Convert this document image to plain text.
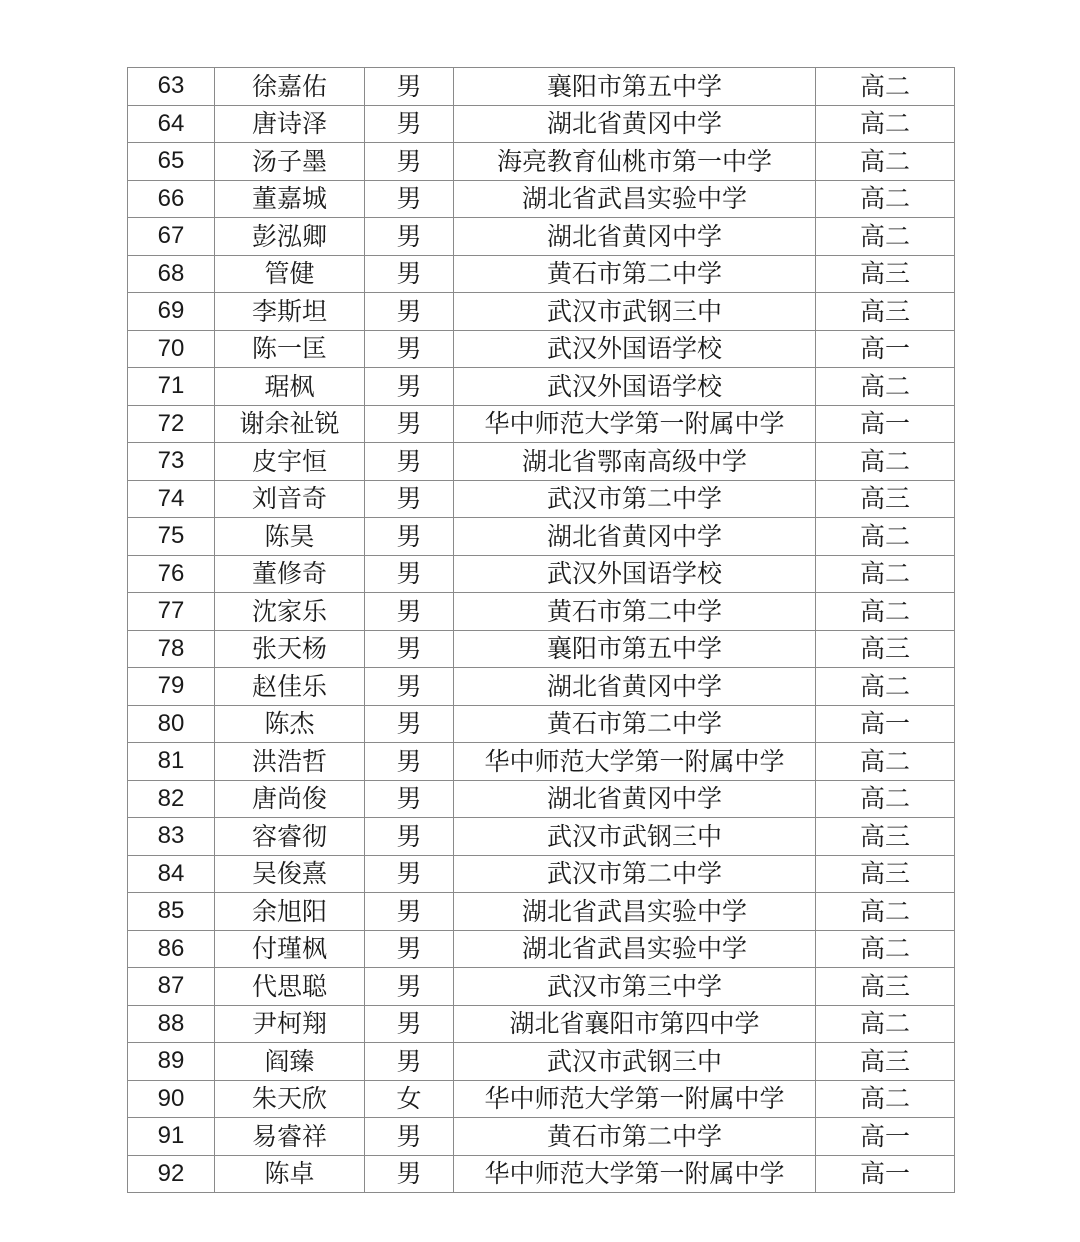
63	徐嘉佑	男	襄阳市第五中学	高二
64	唐诗泽	男	湖北省黄冈中学	高二
65	汤子墨	男	海亮教育仙桃市第一中学	高二
66	董嘉城	男	湖北省武昌实验中学	高二
67	彭泓卿	男	湖北省黄冈中学	高二
68	管健	男	黄石市第二中学	高三
69	李斯坦	男	武汉市武钢三中	高三
70	陈一匡	男	武汉外国语学校	高一
71	琚枫	男	武汉外国语学校	高二
72	谢余祉锐	男	华中师范大学第一附属中学	高一
73	皮宇恒	男	湖北省鄂南高级中学	高二
74	刘音奇	男	武汉市第二中学	高三
75	陈昊	男	湖北省黄冈中学	高二
76	董修奇	男	武汉外国语学校	高二
77	沈家乐	男	黄石市第二中学	高二
78	张天杨	男	襄阳市第五中学	高三
79	赵佳乐	男	湖北省黄冈中学	高二
80	陈杰	男	黄石市第二中学	高一
81	洪浩哲	男	华中师范大学第一附属中学	高二
82	唐尚俊	男	湖北省黄冈中学	高二
83	容睿彻	男	武汉市武钢三中	高三
84	吴俊熹	男	武汉市第二中学	高三
85	余旭阳	男	湖北省武昌实验中学	高二
86	付瑾枫	男	湖北省武昌实验中学	高二
87	代思聪	男	武汉市第三中学	高三
88	尹柯翔	男	湖北省襄阳市第四中学	高二
89	阎臻	男	武汉市武钢三中	高三
90	朱天欣	女	华中师范大学第一附属中学	高二
91	易睿祥	男	黄石市第二中学	高一
92	陈卓	男	华中师范大学第一附属中学	高一
